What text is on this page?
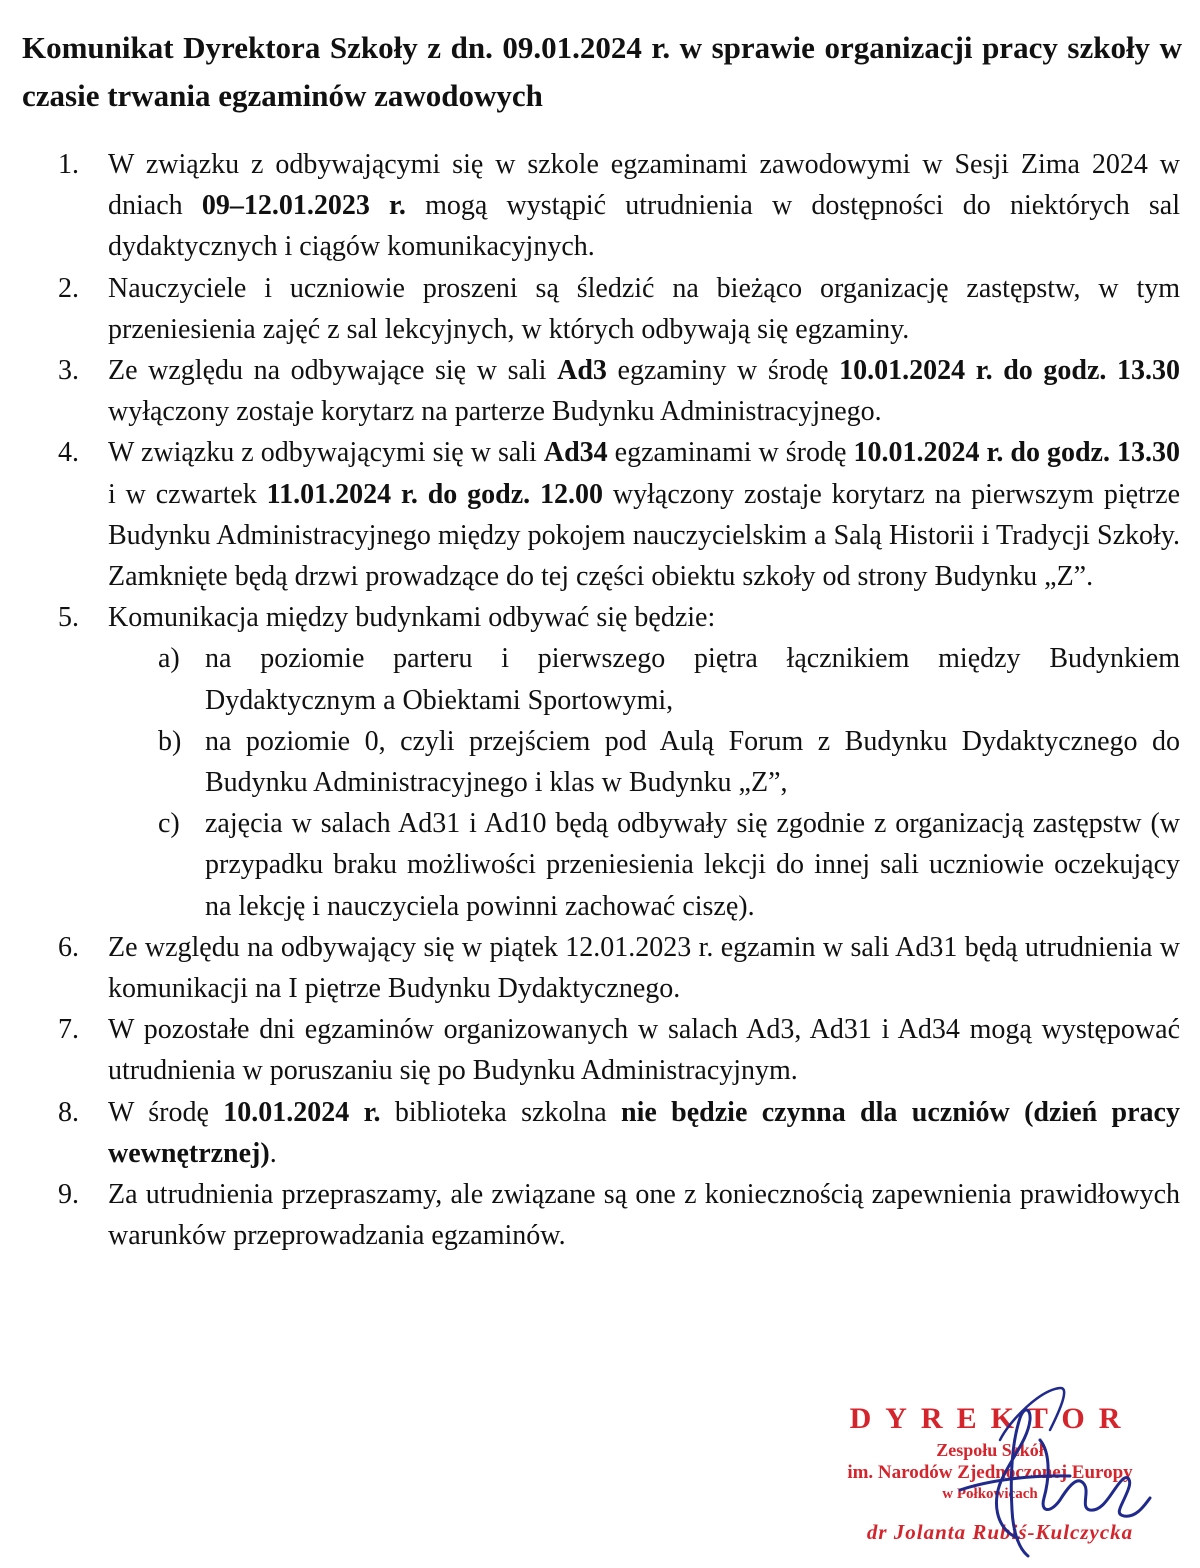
Komunikat Dyrektora Szkoły z dn. 09.01.2024 r. w sprawie organizacji pracy szkoły w czasie trwania egzaminów zawodowych
1.	W związku z odbywającymi się w szkole egzaminami zawodowymi w Sesji Zima 2024 w dniach 09–12.01.2023 r. mogą wystąpić utrudnienia w dostępności do niektórych sal dydaktycznych i ciągów komunikacyjnych.
2.	Nauczyciele i uczniowie proszeni są śledzić na bieżąco organizację zastępstw, w tym przeniesienia zajęć z sal lekcyjnych, w których odbywają się egzaminy.
3.	Ze względu na odbywające się w sali Ad3 egzaminy w środę 10.01.2024 r. do godz. 13.30 wyłączony zostaje korytarz na parterze Budynku Administracyjnego.
4.	W związku z odbywającymi się w sali Ad34 egzaminami w środę 10.01.2024 r. do godz. 13.30 i w czwartek 11.01.2024 r. do godz. 12.00 wyłączony zostaje korytarz na pierwszym piętrze Budynku Administracyjnego między pokojem nauczycielskim a Salą Historii i Tradycji Szkoły. Zamknięte będą drzwi prowadzące do tej części obiektu szkoły od strony Budynku „Z”.
5.	Komunikacja między budynkami odbywać się będzie:
a) na poziomie parteru i pierwszego piętra łącznikiem między Budynkiem Dydaktycznym a Obiektami Sportowymi,
b) na poziomie 0, czyli przejściem pod Aulą Forum z Budynku Dydaktycznego do Budynku Administracyjnego i klas w Budynku „Z”,
c) zajęcia w salach Ad31 i Ad10 będą odbywały się zgodnie z organizacją zastępstw (w przypadku braku możliwości przeniesienia lekcji do innej sali uczniowie oczekujący na lekcję i nauczyciela powinni zachować ciszę).
6.	Ze względu na odbywający się w piątek 12.01.2023 r. egzamin w sali Ad31 będą utrudnienia w komunikacji na I piętrze Budynku Dydaktycznego.
7.	W pozostałe dni egzaminów organizowanych w salach Ad3, Ad31 i Ad34 mogą występować utrudnienia w poruszaniu się po Budynku Administracyjnym.
8.	W środę 10.01.2024 r. biblioteka szkolna nie będzie czynna dla uczniów (dzień pracy wewnętrznej).
9.	Za utrudnienia przepraszamy, ale związane są one z koniecznością zapewnienia prawidłowych warunków przeprowadzania egzaminów.
DYREKTOR
Zespołu Szkół
im. Narodów Zjednoczonej Europy
w Połkowicach
dr Jolanta Rubiś-Kulczycka
